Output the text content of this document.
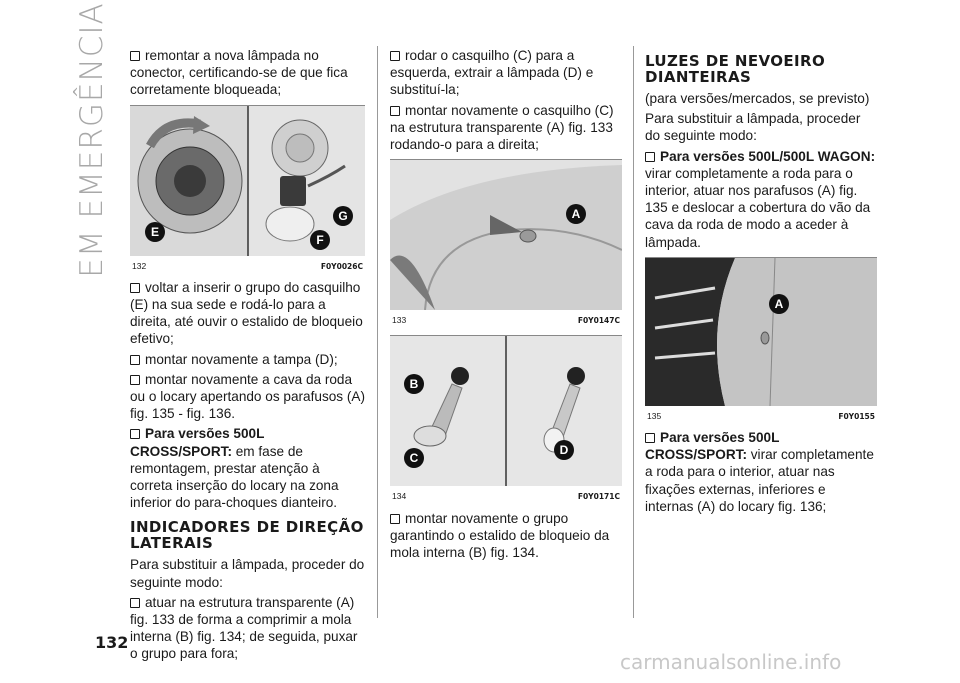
EM EMERGÊNCIA
132

remontar a nova lâmpada no conector, certificando-se de que fica corretamente bloqueada;

G
E
F
132	F0Y0026C

voltar a inserir o grupo do casquilho (E) na sua sede e rodá-lo para a direita, até ouvir o estalido de bloqueio efetivo;

montar novamente a tampa (D);

montar novamente a cava da roda ou o locary apertando os parafusos (A) fig. 135 - fig. 136.

Para versões 500L CROSS/SPORT: em fase de remontagem, prestar atenção à correta inserção do locary na zona inferior do para-choques dianteiro.

INDICADORES DE DIREÇÃO LATERAIS

Para substituir a lâmpada, proceder do seguinte modo:

atuar na estrutura transparente (A) fig. 133 de forma a comprimir a mola interna (B) fig. 134; de seguida, puxar o grupo para fora;

rodar o casquilho (C) para a esquerda, extrair a lâmpada (D) e substituí-la;

montar novamente o casquilho (C) na estrutura transparente (A) fig. 133 rodando-o para a direita;

A
133	F0Y0147C
B
C
D
134	F0Y0171C

montar novamente o grupo garantindo o estalido de bloqueio da mola interna (B) fig. 134.

LUZES DE NEVOEIRO DIANTEIRAS

(para versões/mercados, se previsto)

Para substituir a lâmpada, proceder do seguinte modo:

Para versões 500L/500L WAGON: virar completamente a roda para o interior, atuar nos parafusos (A) fig. 135 e deslocar a cobertura do vão da cava da roda de modo a aceder à lâmpada.

A
135	F0Y0155

Para versões 500L CROSS/SPORT: virar completamente a roda para o interior, atuar nas fixações externas, inferiores e internas (A) do locary fig. 136;

carmanualsonline.info
